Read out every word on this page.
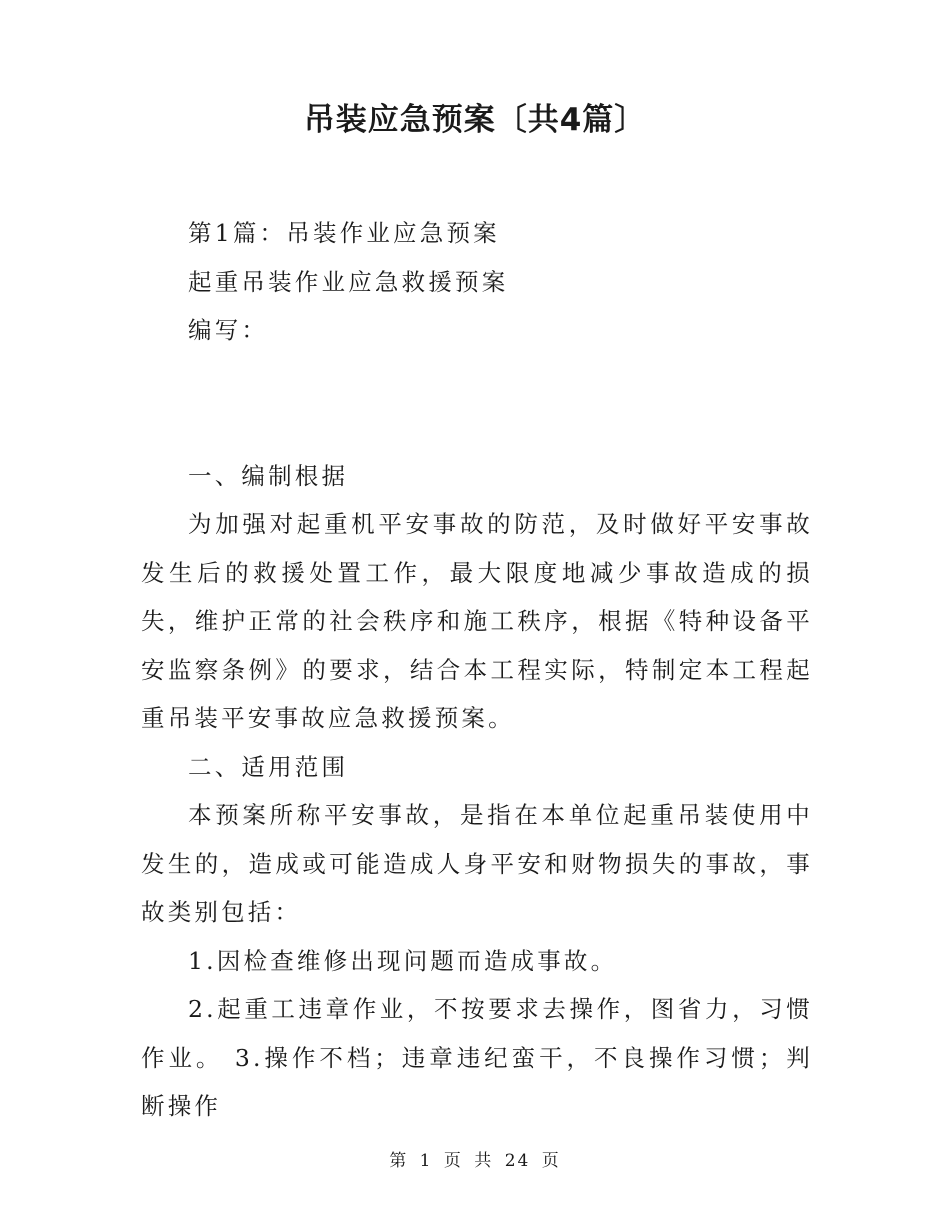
吊装应急预案〔共4篇〕

第1篇：吊装作业应急预案

起重吊装作业应急救援预案

编写：

一、编制根据

为加强对起重机平安事故的防范，及时做好平安事故发生后的救援处置工作，最大限度地减少事故造成的损失，维护正常的社会秩序和施工秩序，根据《特种设备平安监察条例》的要求，结合本工程实际，特制定本工程起重吊装平安事故应急救援预案。

二、适用范围

本预案所称平安事故，是指在本单位起重吊装使用中发生的，造成或可能造成人身平安和财物损失的事故，事故类别包括：

1.因检查维修出现问题而造成事故。

2.起重工违章作业，不按要求去操作，图省力，习惯作业。 3.操作不档；违章违纪蛮干，不良操作习惯；判断操作

第 1 页 共 24 页
